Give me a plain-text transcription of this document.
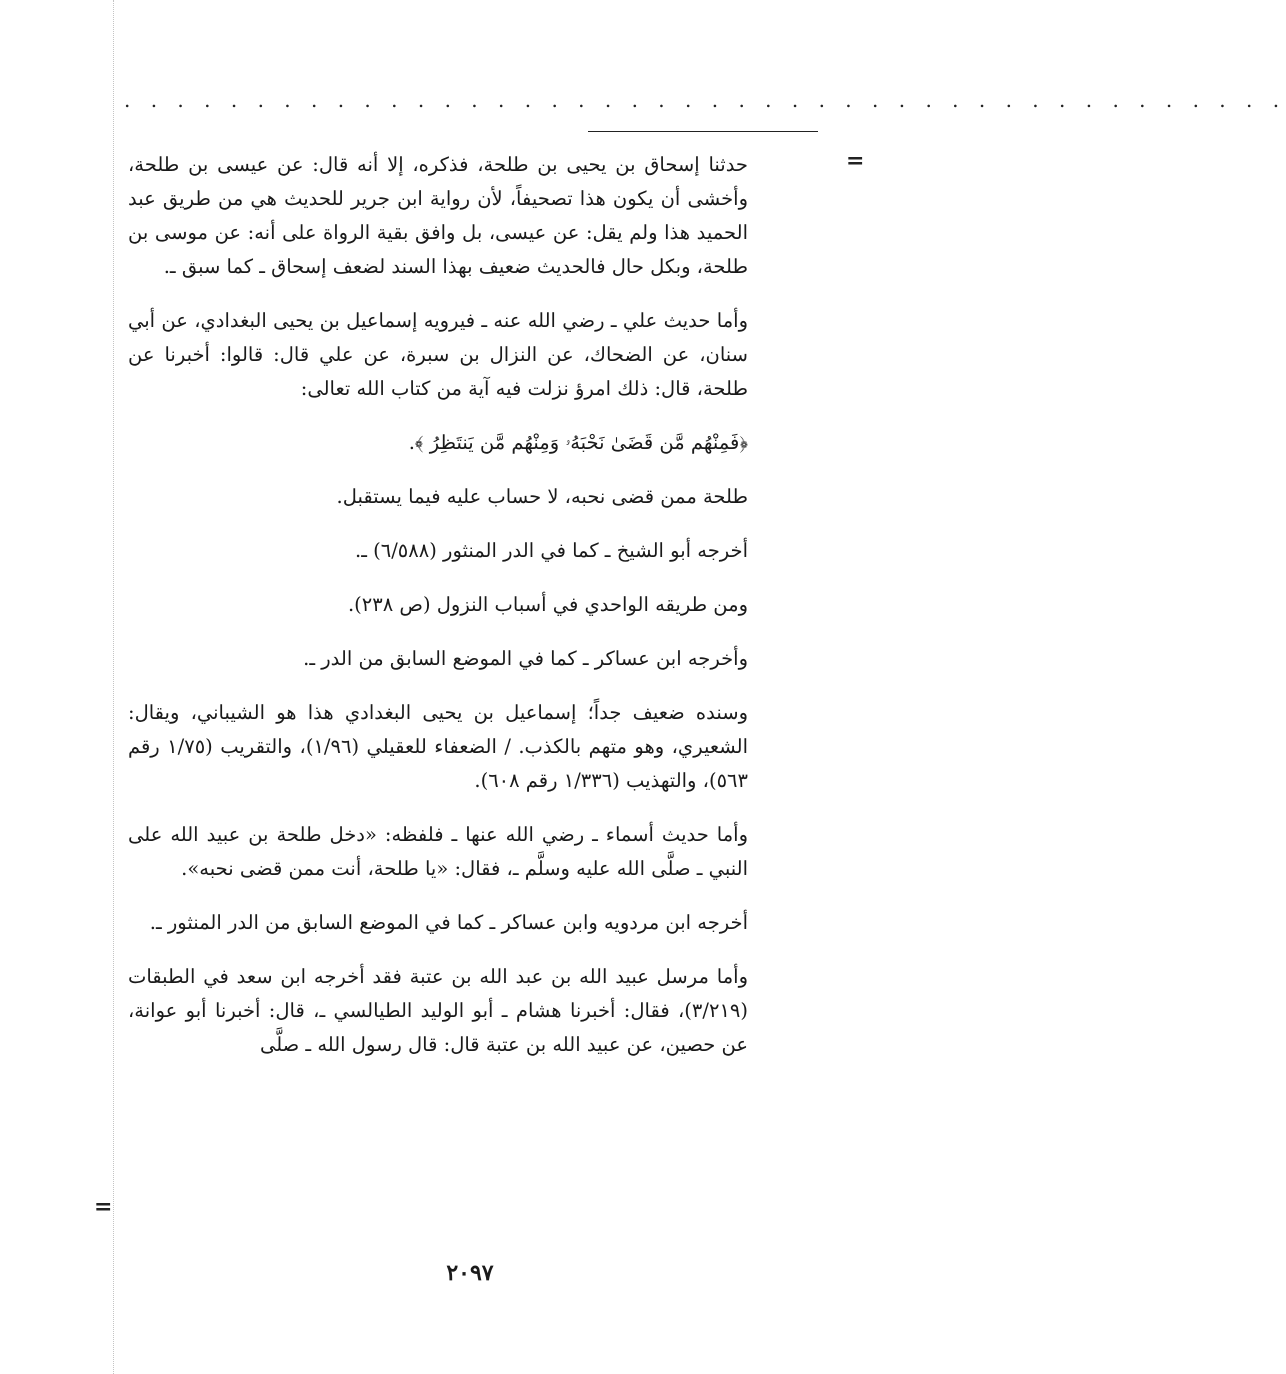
. . . . . . . . . . . . . . . . . . . . . . . . . . . . . . . . . . . . . . . . . . . .
=
=

حدثنا إسحاق بن يحيى بن طلحة، فذكره، إلا أنه قال: عن عيسى بن طلحة، وأخشى أن يكون هذا تصحيفاً، لأن رواية ابن جرير للحديث هي من طريق عبد الحميد هذا ولم يقل: عن عيسى، بل وافق بقية الرواة على أنه: عن موسى بن طلحة، وبكل حال فالحديث ضعيف بهذا السند لضعف إسحاق ـ كما سبق ـ.

وأما حديث علي ـ رضي الله عنه ـ فيرويه إسماعيل بن يحيى البغدادي، عن أبي سنان، عن الضحاك، عن النزال بن سبرة، عن علي قال: قالوا: أخبرنا عن طلحة، قال: ذلك امرؤ نزلت فيه آية من كتاب الله تعالى:

﴿فَمِنْهُم مَّن قَضَىٰ نَحْبَهُۥ وَمِنْهُم مَّن يَنتَظِرُ ﴾.

طلحة ممن قضى نحبه، لا حساب عليه فيما يستقبل.

أخرجه أبو الشيخ ـ كما في الدر المنثور (٦/٥٨٨) ـ.

ومن طريقه الواحدي في أسباب النزول (ص ٢٣٨).

وأخرجه ابن عساكر ـ كما في الموضع السابق من الدر ـ.

وسنده ضعيف جداً؛ إسماعيل بن يحيى البغدادي هذا هو الشيباني، ويقال: الشعيري، وهو متهم بالكذب. / الضعفاء للعقيلي (١/٩٦)، والتقريب (١/٧٥ رقم ٥٦٣)، والتهذيب (١/٣٣٦ رقم ٦٠٨).

وأما حديث أسماء ـ رضي الله عنها ـ فلفظه: «دخل طلحة بن عبيد الله على النبي ـ صلَّى الله عليه وسلَّم ـ، فقال: «يا طلحة، أنت ممن قضى نحبه».

أخرجه ابن مردويه وابن عساكر ـ كما في الموضع السابق من الدر المنثور ـ.

وأما مرسل عبيد الله بن عبد الله بن عتبة فقد أخرجه ابن سعد في الطبقات (٣/٢١٩)، فقال: أخبرنا هشام ـ أبو الوليد الطيالسي ـ، قال: أخبرنا أبو عوانة، عن حصين، عن عبيد الله بن عتبة قال: قال رسول الله ـ صلَّى

٢٠٩٧
